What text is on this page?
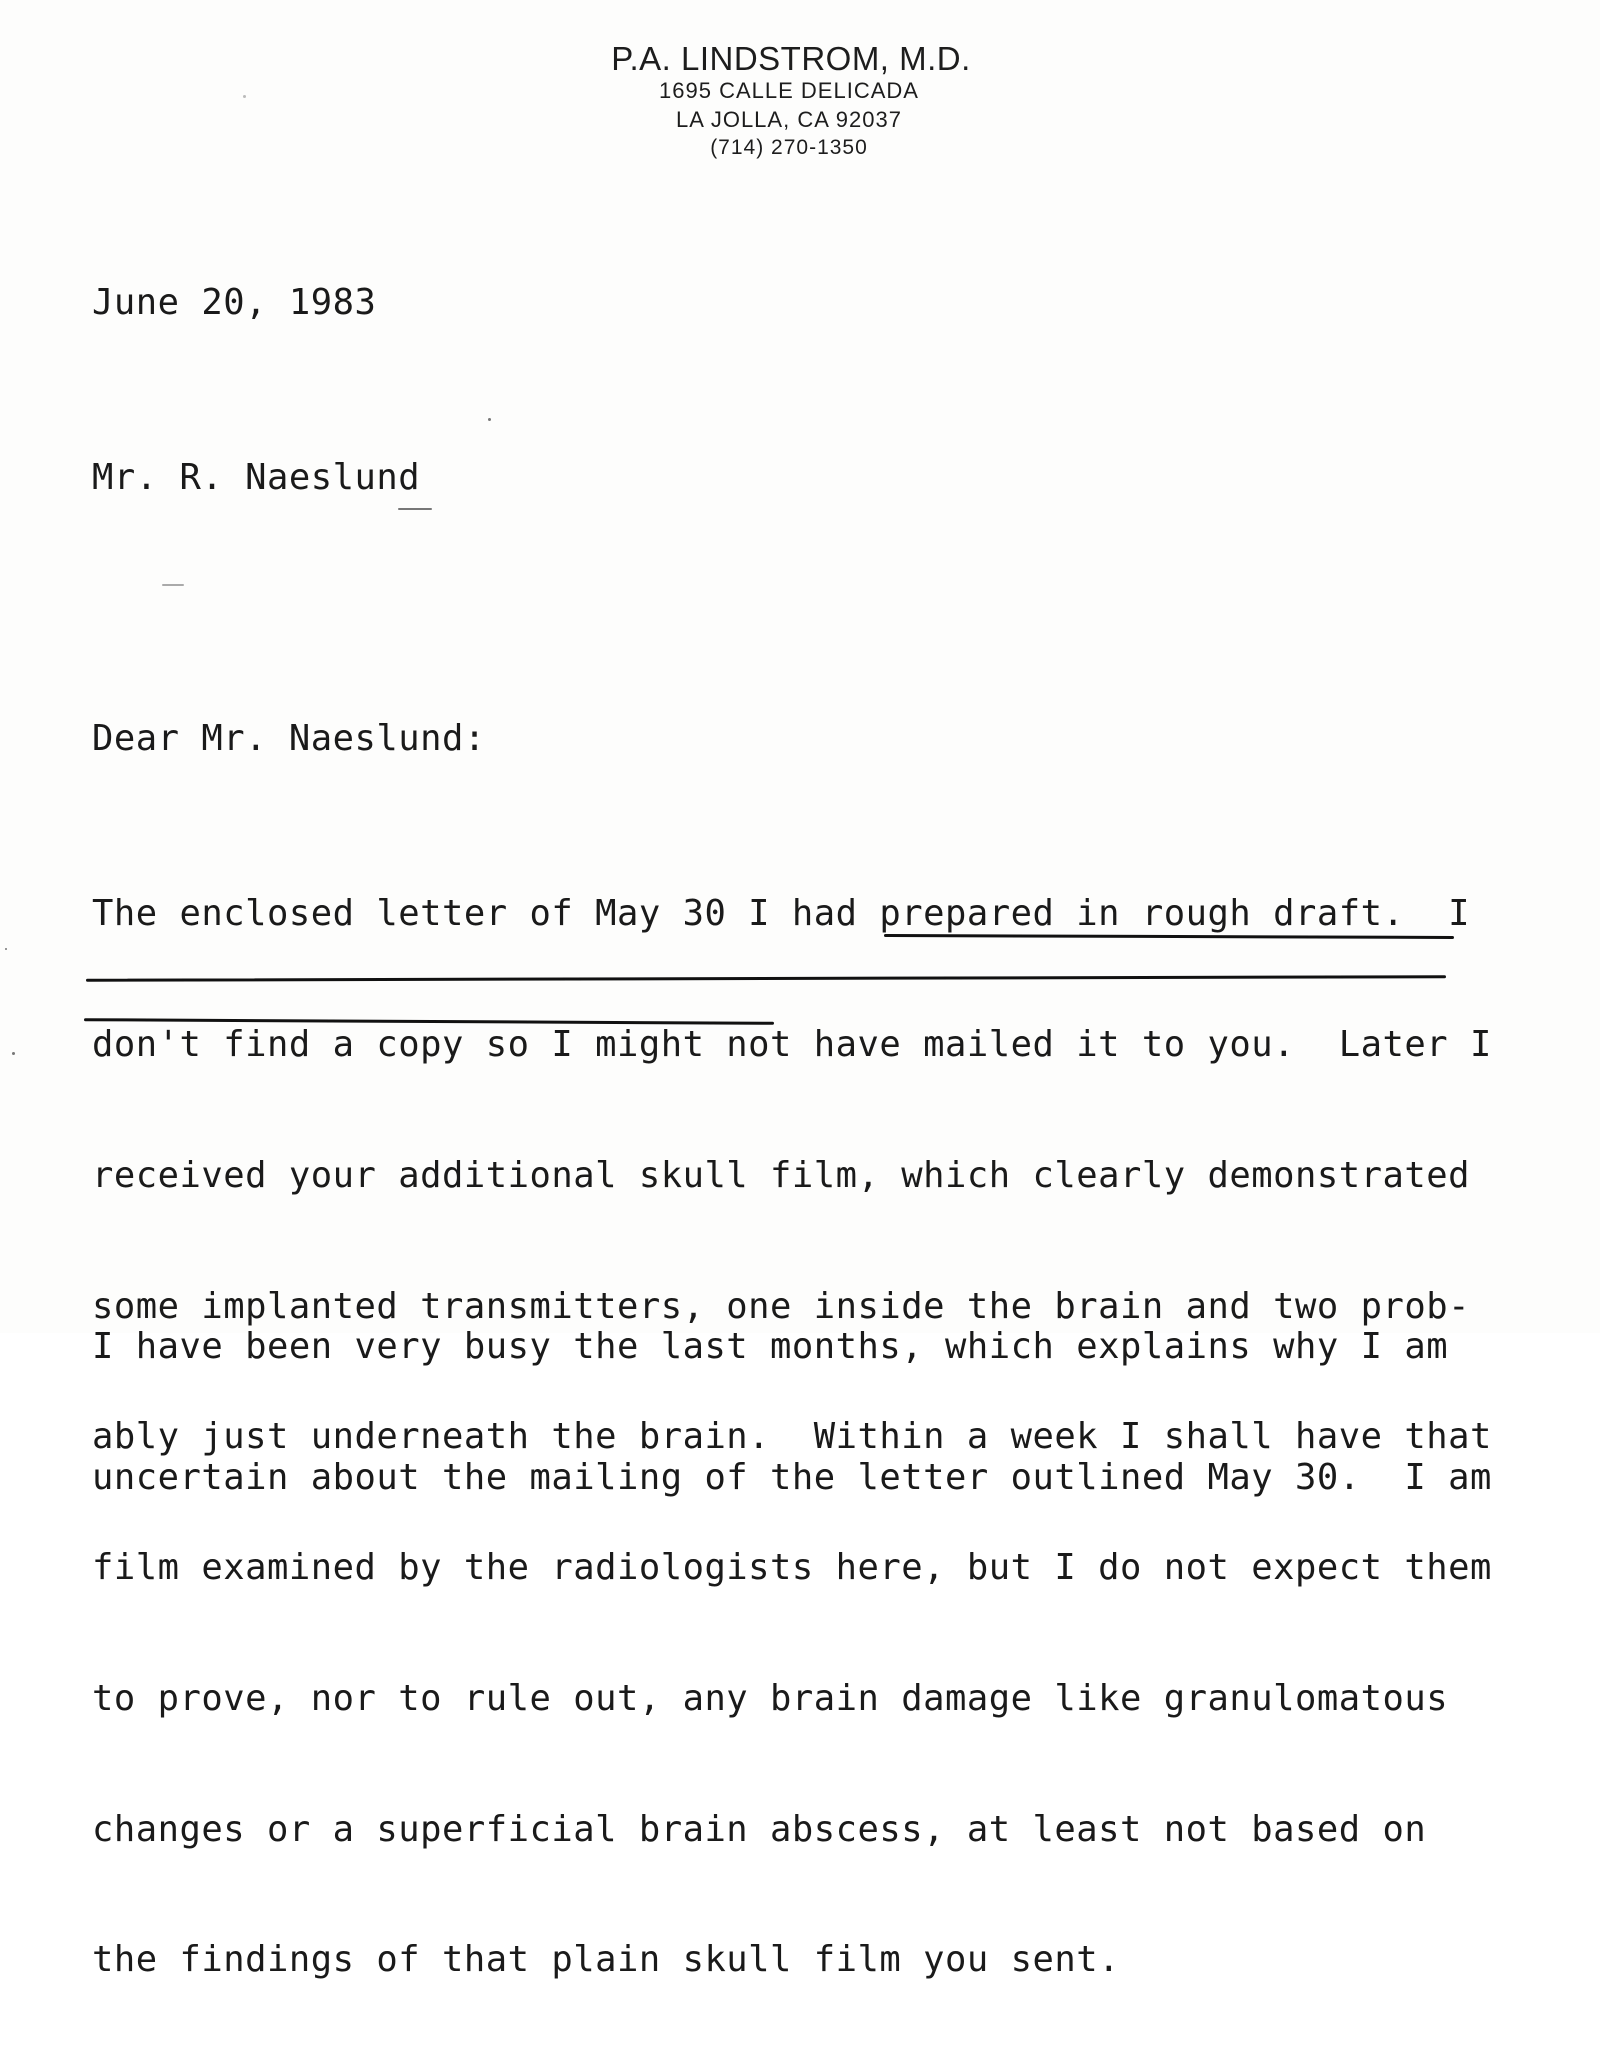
P.A. LINDSTROM, M.D.
1695 CALLE DELICADA
LA JOLLA, CA 92037
(714) 270-1350
June 20, 1983
Mr. R. Naeslund
Dear Mr. Naeslund:

The enclosed letter of May 30 I had prepared in rough draft.  I

don't find a copy so I might not have mailed it to you.  Later I

received your additional skull film, which clearly demonstrated

some implanted transmitters, one inside the brain and two prob-

ably just underneath the brain.  Within a week I shall have that

film examined by the radiologists here, but I do not expect them

to prove, nor to rule out, any brain damage like granulomatous

changes or a superficial brain abscess, at least not based on

the findings of that plain skull film you sent.

I have been very busy the last months, which explains why I am

uncertain about the mailing of the letter outlined May 30.  I am
